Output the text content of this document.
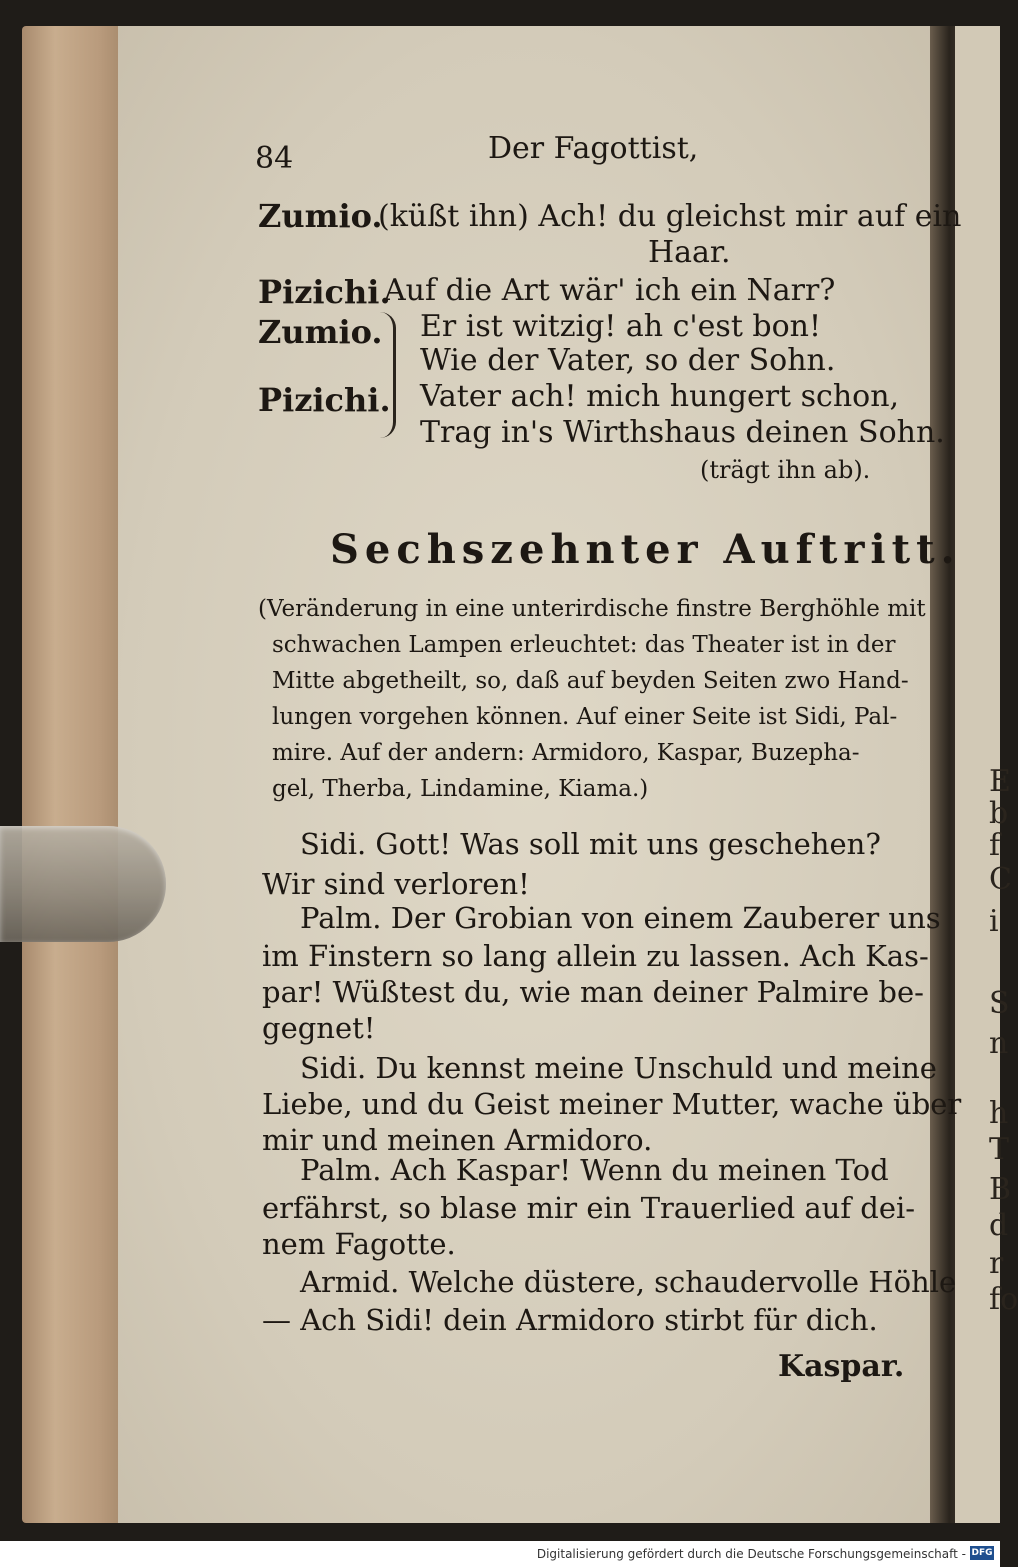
E
b
f
C
i
S
n
h
T
B
d
r
fo
84	Der Fagottist,
Zumio.
(küßt ihn) Ach! du gleichst mir auf ein
Haar.
Pizichi.
Auf die Art wär' ich ein Narr?
Zumio. Er ist witzig! ah c'est bon!
Wie der Vater, so der Sohn.
Pizichi. Vater ach! mich hungert schon,
Trag in's Wirthshaus deinen Sohn.
(trägt ihn ab).
Sechszehnter Auftritt.
(Veränderung in eine unterirdische finstre Berghöhle mit
schwachen Lampen erleuchtet: das Theater ist in der
Mitte abgetheilt, so, daß auf beyden Seiten zwo Hand-
lungen vorgehen können. Auf einer Seite ist Sidi, Pal-
mire. Auf der andern: Armidoro, Kaspar, Buzepha-
gel, Therba, Lindamine, Kiama.)
Sidi. Gott! Was soll mit uns geschehen?
Wir sind verloren!
Palm. Der Grobian von einem Zauberer uns
im Finstern so lang allein zu lassen. Ach Kas-
par! Wüßtest du, wie man deiner Palmire be-
gegnet!
Sidi. Du kennst meine Unschuld und meine
Liebe, und du Geist meiner Mutter, wache über
mir und meinen Armidoro.
Palm. Ach Kaspar! Wenn du meinen Tod
erfährst, so blase mir ein Trauerlied auf dei-
nem Fagotte.
Armid. Welche düstere, schaudervolle Höhle
— Ach Sidi! dein Armidoro stirbt für dich.
Kaspar.
Digitalisierung gefördert durch die Deutsche Forschungsgemeinschaft - DFG
